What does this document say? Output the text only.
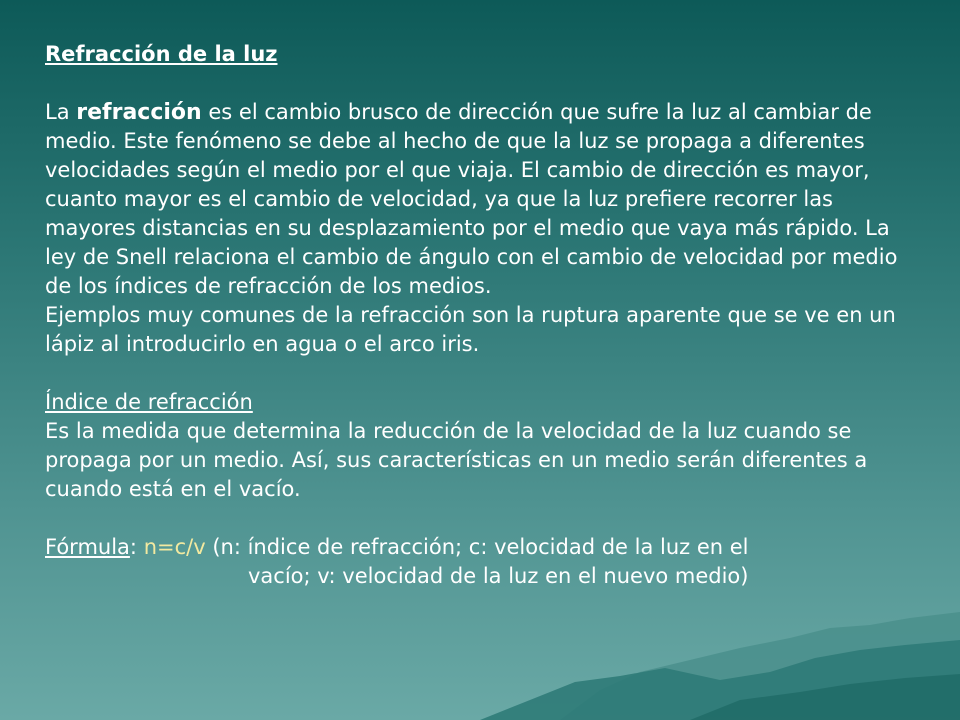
Refracción de la luz

La refracción es el cambio brusco de dirección que sufre la luz al cambiar de medio. Este fenómeno se debe al hecho de que la luz se propaga a diferentes velocidades según el medio por el que viaja. El cambio de dirección es mayor, cuanto mayor es el cambio de velocidad, ya que la luz prefiere recorrer las mayores distancias en su desplazamiento por el medio que vaya más rápido. La ley de Snell relaciona el cambio de ángulo con el cambio de velocidad por medio de los índices de refracción de los medios.

Ejemplos muy comunes de la refracción son la ruptura aparente que se ve en un lápiz al introducirlo en agua o el arco iris.

Índice de refracción

Es la medida que determina la reducción de la velocidad de la luz cuando se propaga por un medio. Así, sus características en un medio serán diferentes a cuando está en el vacío.

Fórmula: n=c/v (n: índice de refracción; c: velocidad de la luz en el

vacío; v: velocidad de la luz en el nuevo medio)
